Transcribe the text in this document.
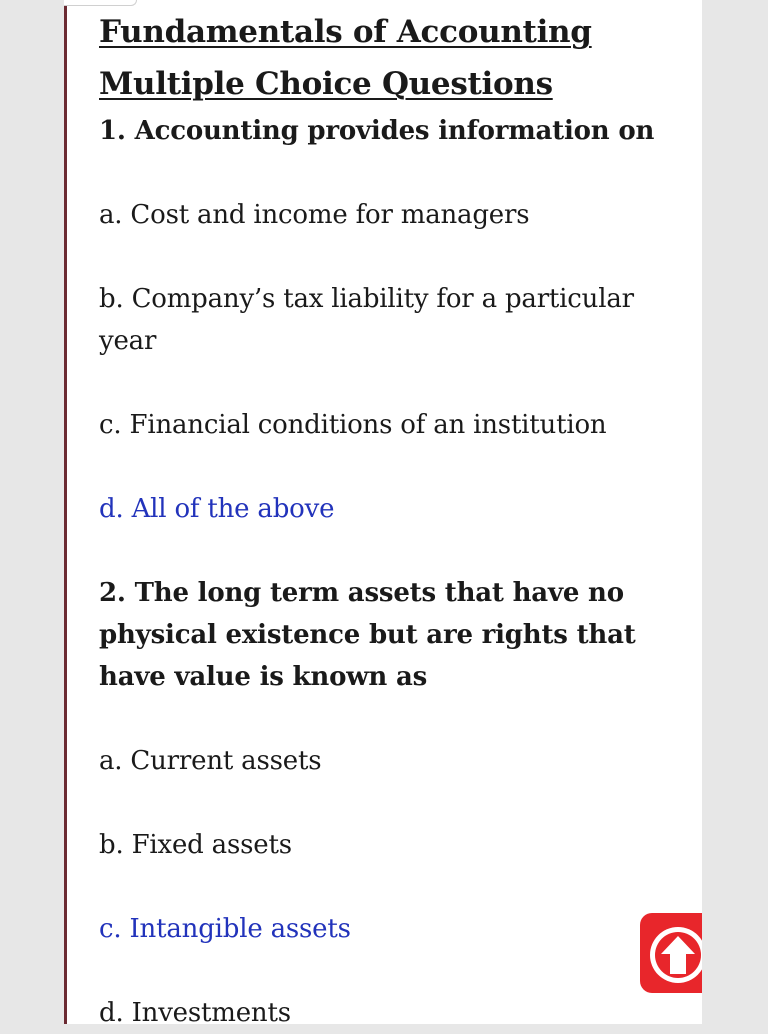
Fundamentals of Accounting
Multiple Choice Questions

1. Accounting provides information on

a. Cost and income for managers

b. Company’s tax liability for a particular year

c. Financial conditions of an institution

d. All of the above

2. The long term assets that have no physical existence but are rights that have value is known as

a. Current assets

b. Fixed assets

c. Intangible assets

d. Investments
